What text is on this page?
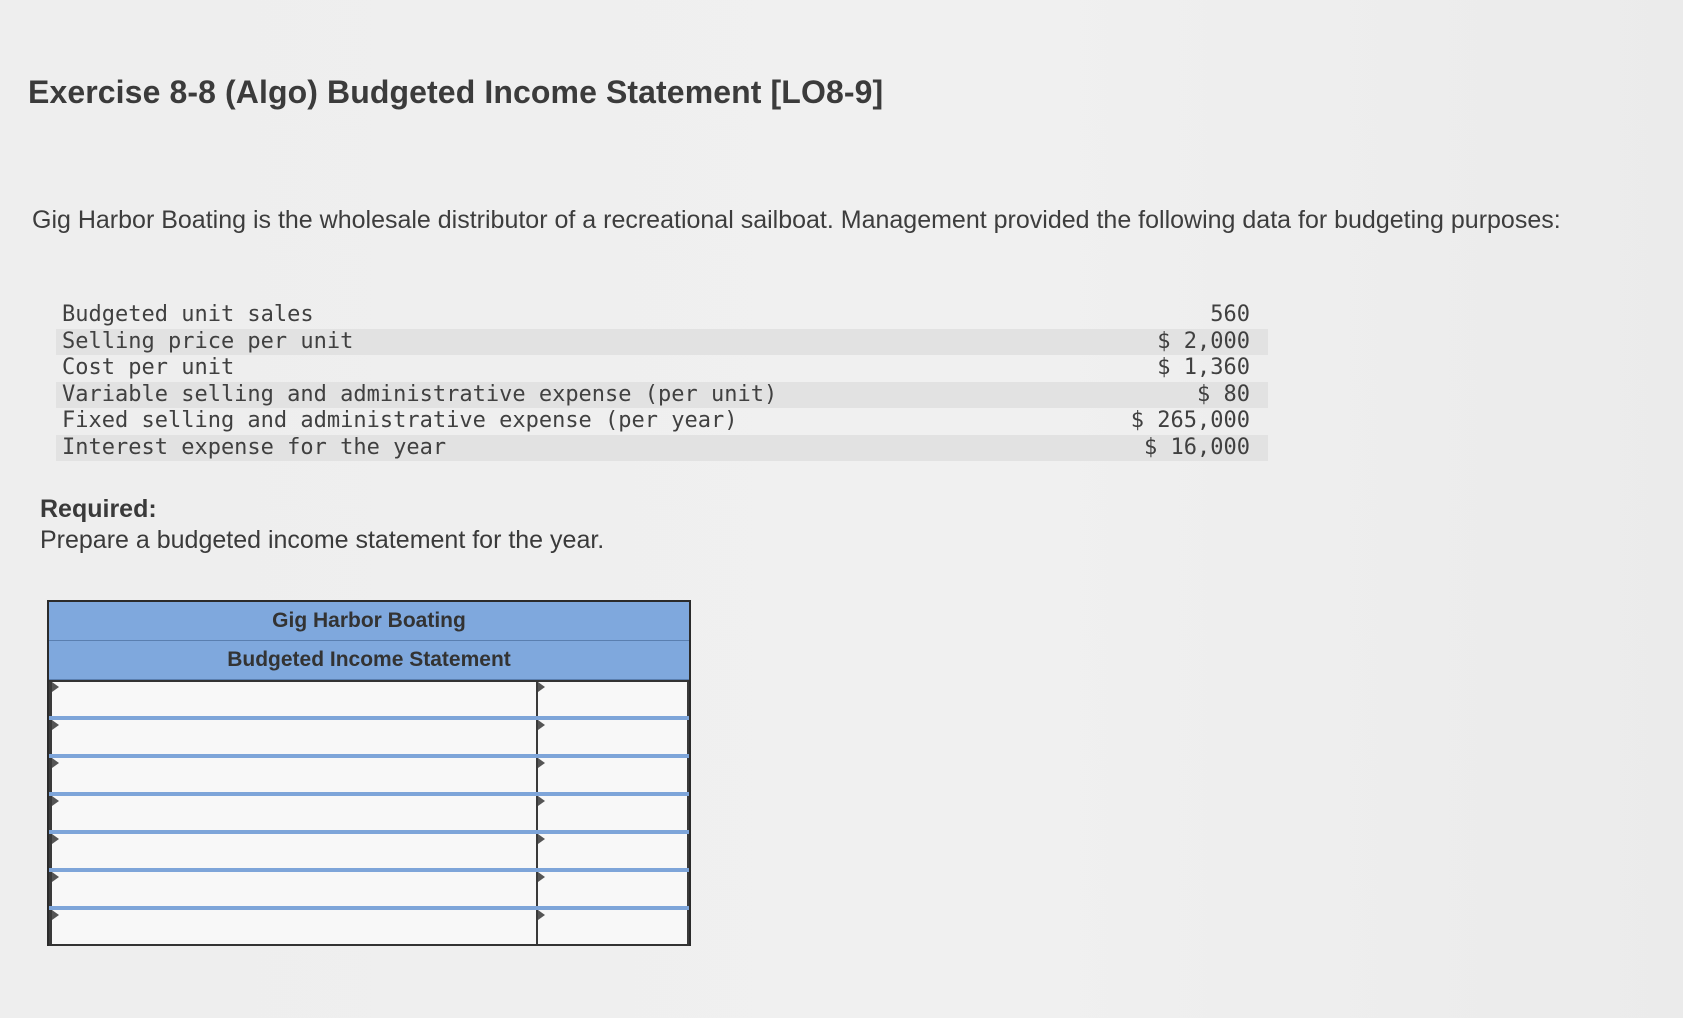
Exercise 8-8 (Algo) Budgeted Income Statement [LO8-9]
Gig Harbor Boating is the wholesale distributor of a recreational sailboat. Management provided the following data for budgeting purposes:
Budgeted unit sales	560
Selling price per unit	$ 2,000
Cost per unit	$ 1,360
Variable selling and administrative expense (per unit)	$ 80
Fixed selling and administrative expense (per year)	$ 265,000
Interest expense for the year	$ 16,000
Required:
Prepare a budgeted income statement for the year.
Gig Harbor Boating
Budgeted Income Statement
